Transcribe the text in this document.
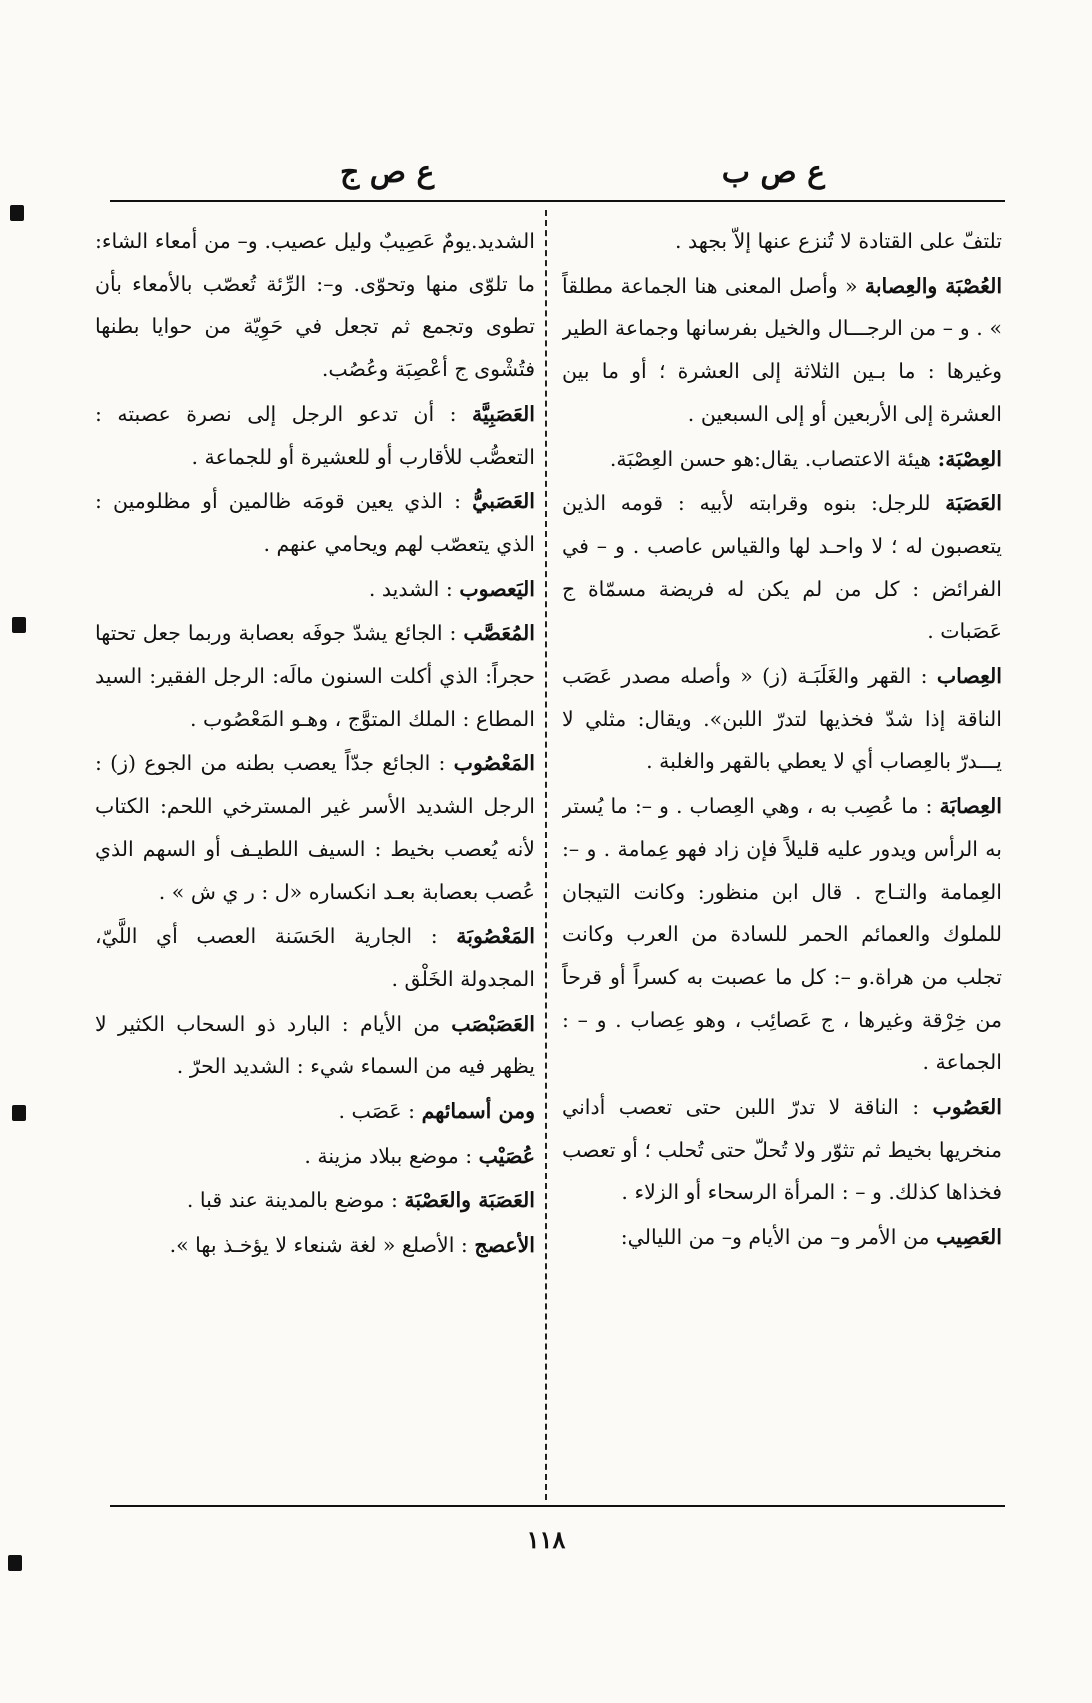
ع ص ب
ع ص ج

تلتفّ على القتادة لا تُنزع عنها إلاّ بجهد .

العُصْبَة والعِصابة « وأصل المعنى هنا الجماعة مطلقاً » . و – من الرجـــال والخيل بفرسانها وجماعة الطير وغيرها : ما بـين الثلاثة إلى العشرة ؛ أو ما بين العشرة إلى الأربعين أو إلى السبعين .

العِصْبَة: هيئة الاعتصاب. يقال:هو حسن العِصْبَة.

العَصَبَة للرجل: بنوه وقرابته لأبيه : قومه الذين يتعصبون له ؛ لا واحـد لها والقياس عاصب . و – في الفرائض : كل من لم يكن له فريضة مسمّاة ج عَصَبات .

العِصاب : القهر والغَلَبَـة (ز) « وأصله مصدر عَصَب الناقة إذا شدّ فخذيها لتدرّ اللبن». ويقال: مثلي لا يـــدرّ بالعِصاب أي لا يعطي بالقهر والغلبة .

العِصابَة : ما عُصِب به ، وهي العِصاب . و –: ما يُستر به الرأس ويدور عليه قليلاً فإن زاد فهو عِمامة . و –: العِمامة والتـاج . قال ابن منظور: وكانت التيجان للملوك والعمائم الحمر للسادة من العرب وكانت تجلب من هراة.و –: كل ما عصبت به كسراً أو قرحاً من خِرْقة وغيرها ، ج عَصائِب ، وهو عِصاب . و – : الجماعة .

العَصُوب : الناقة لا تدرّ اللبن حتى تعصب أداني منخريها بخيط ثم تثوّر ولا تُحلّ حتى تُحلب ؛ أو تعصب فخذاها كذلك. و – : المرأة الرسحاء أو الزلاء .

العَصِيب من الأمر و– من الأيام و– من الليالي:

الشديد.يومٌ عَصِيبٌ وليل عصيب. و– من أمعاء الشاء: ما تلوّى منها وتحوّى. و–: الرِّئة تُعصّب بالأمعاء بأن تطوى وتجمع ثم تجعل في حَوِيّة من حوايا بطنها فتُشْوى ج أعْصِبَة وعُصُب.

العَصَبِيَّة : أن تدعو الرجل إلى نصرة عصبته : التعصُّب للأقارب أو للعشيرة أو للجماعة .

العَصَبيُّ : الذي يعين قومَه ظالمين أو مظلومين : الذي يتعصّب لهم ويحامي عنهم .

اليَعصوب : الشديد .

المُعَصَّب : الجائع يشدّ جوفَه بعصابة وربما جعل تحتها حجراً: الذي أكلت السنون مالَه: الرجل الفقير: السيد المطاع : الملك المتوَّج ، وهـو المَعْصُوب .

المَعْصُوب : الجائع جدّاً يعصب بطنه من الجوع (ز) : الرجل الشديد الأسر غير المسترخي اللحم: الكتاب لأنه يُعصب بخيط : السيف اللطيـف أو السهم الذي عُصب بعصابة بعـد انكساره «ل : ر ي ش » .

المَعْصُوبَة : الجارية الحَسَنة العصب أي اللَّيّ، المجدولة الخَلْق .

العَصَبْصَب من الأيام : البارد ذو السحاب الكثير لا يظهر فيه من السماء شيء : الشديد الحرّ .

ومن أسمائهم : عَصَب .

عُصَيْب : موضع ببلاد مزينة .

العَصَبَة والعَصْبَة : موضع بالمدينة عند قبا .

الأعصج : الأصلع « لغة شنعاء لا يؤخـذ بها ».

١١٨
